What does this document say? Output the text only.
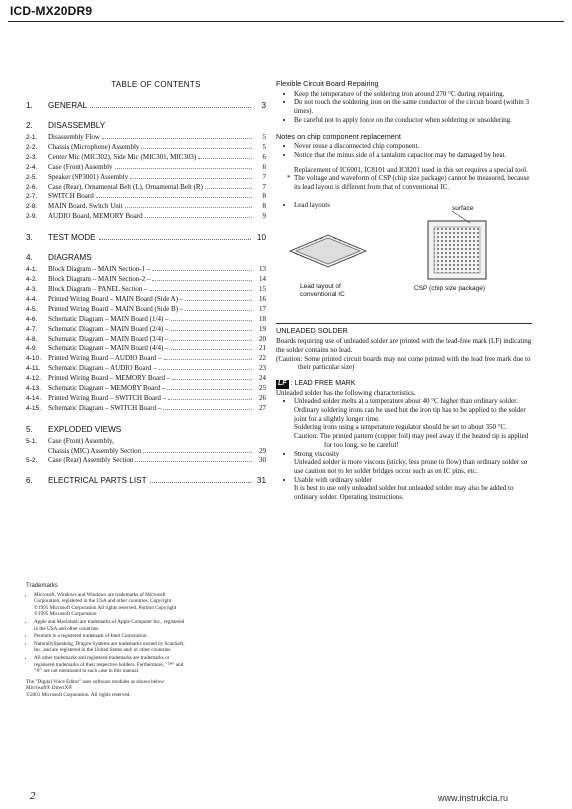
ICD-MX20DR9
TABLE OF CONTENTS
1.	GENERAL	3
2.	DISASSEMBLY
2-1.	Disassembly Flow	5
2-2.	Chassis (Microphone) Assembly	5
2-3.	Center Mic (MIC302), Side Mic (MIC301, MIC303)	6
2-4.	Case (Front) Assembly	6
2-5.	Speaker (SP3001) Assembly	7
2-6.	Case (Rear), Ornamental Belt (L), Ornamental Belt (R)	7
2-7.	SWITCH Board	8
2-8.	MAIN Board, Switch Unit	8
2-9.	AUDIO Board, MEMORY Board	9
3.	TEST MODE	10
4.	DIAGRAMS
4-1.	Block Diagram – MAIN Section-1 –	13
4-2.	Block Diagram – MAIN Section-2 –	14
4-3.	Block Diagram – PANEL Section –	15
4-4.	Printed Wiring Board – MAIN Board (Side A) –	16
4-5.	Printed Wiring Board – MAIN Board (Side B) –	17
4-6.	Schematic Diagram – MAIN Board (1/4) –	18
4-7.	Schematic Diagram – MAIN Board (2/4) –	19
4-8.	Schematic Diagram – MAIN Board (3/4) –	20
4-9.	Schematic Diagram – MAIN Board (4/4) –	21
4-10. Printed Wiring Board – AUDIO Board –	22
4-11.	Schematic Diagram – AUDIO Board –	23
4-12. Printed Wiring Board – MEMORY Board –	24
4-13. Schematic Diagram – MEMORY Board –	25
4-14. Printed Wiring Board – SWITCH Board –	26
4-15. Schematic Diagram – SWITCH Board –	27
5.	EXPLODED VIEWS
5-1.	Case (Front) Assembly,
Chassis (MIC) Assembly Section	29
5-2.	Case (Rear) Assembly Section	30
6.	ELECTRICAL PARTS LIST	31
Trademarks
• Microsoft, Windows and Windows are trademarks of Microsoft Corporation, registered in the USA and other countries. Copyright ©1995 Microsoft Corporation All rights reserved. Portion Copyright ©1995 Microsoft Corporation
• Apple and Macintosh are trademarks of Apple Computer Inc., registered in the USA and other countries.
• Pentium is a registered trademark of Intel Corporation.
• NaturallySpeaking, Dragon Systems are trademarks owned by ScanSoft, Inc. and are registered in the United States and/ or other countries.
• All other trademarks and registered trademarks are trademarks or registered trademarks of their respective holders. Furthermore, "™" and "®" are not mentioned in each case in this manual.
The "Digital Voice Editor" uses software modules as shown below:
Microsoft® DirectX®
©2001 Microsoft Corporation. All rights reserved.
Flexible Circuit Board Repairing
• Keep the temperature of the soldering iron around 270 °C during repairing.
• Do not touch the soldering iron on the same conductor of the circuit board (within 3 times).
• Be careful not to apply force on the conductor when soldering or unsoldering.
Notes on chip component replacement
• Never reuse a disconnected chip component.
• Notice that the minus side of a tantalum capacitor may be damaged by heat.

Replacement of IC6001, IC8101 and IC8201 used in this set requires a special tool.

* The voltage and waveform of CSP (chip size package) cannot be measured, because its lead layout is different from that of conventional IC.
• Lead layouts
surface
Lead layout of conventional IC
CSP (chip size package)
UNLEADED SOLDER

Boards requiring use of unleaded solder are printed with the lead-free mark (LF) indicating the solder contains no lead.

(Caution: Some printed circuit boards may not come printed with the lead free mark due to their particular size)

LF : LEAD FREE MARK

Unleaded solder has the following characteristics.

• Unleaded solder melts at a temperature about 40 °C higher than ordinary solder.
Ordinary soldering irons can be used but the iron tip has to be applied to the solder joint for a slightly longer time.
Soldering irons using a temperature regulator should be set to about 350 °C.
Caution: The printed pattern (copper foil) may peel away if the heated tip is applied for too long, so be careful!
• Strong viscosity
Unleaded solder is more viscous (sticky, less prone to flow) than ordinary solder so use caution not to let solder bridges occur such as on IC pins, etc.
• Usable with ordinary solder
It is best to use only unleaded solder but unleaded solder may also be added to ordinary solder. Operating instructions.
2	www.instrukcia.ru
